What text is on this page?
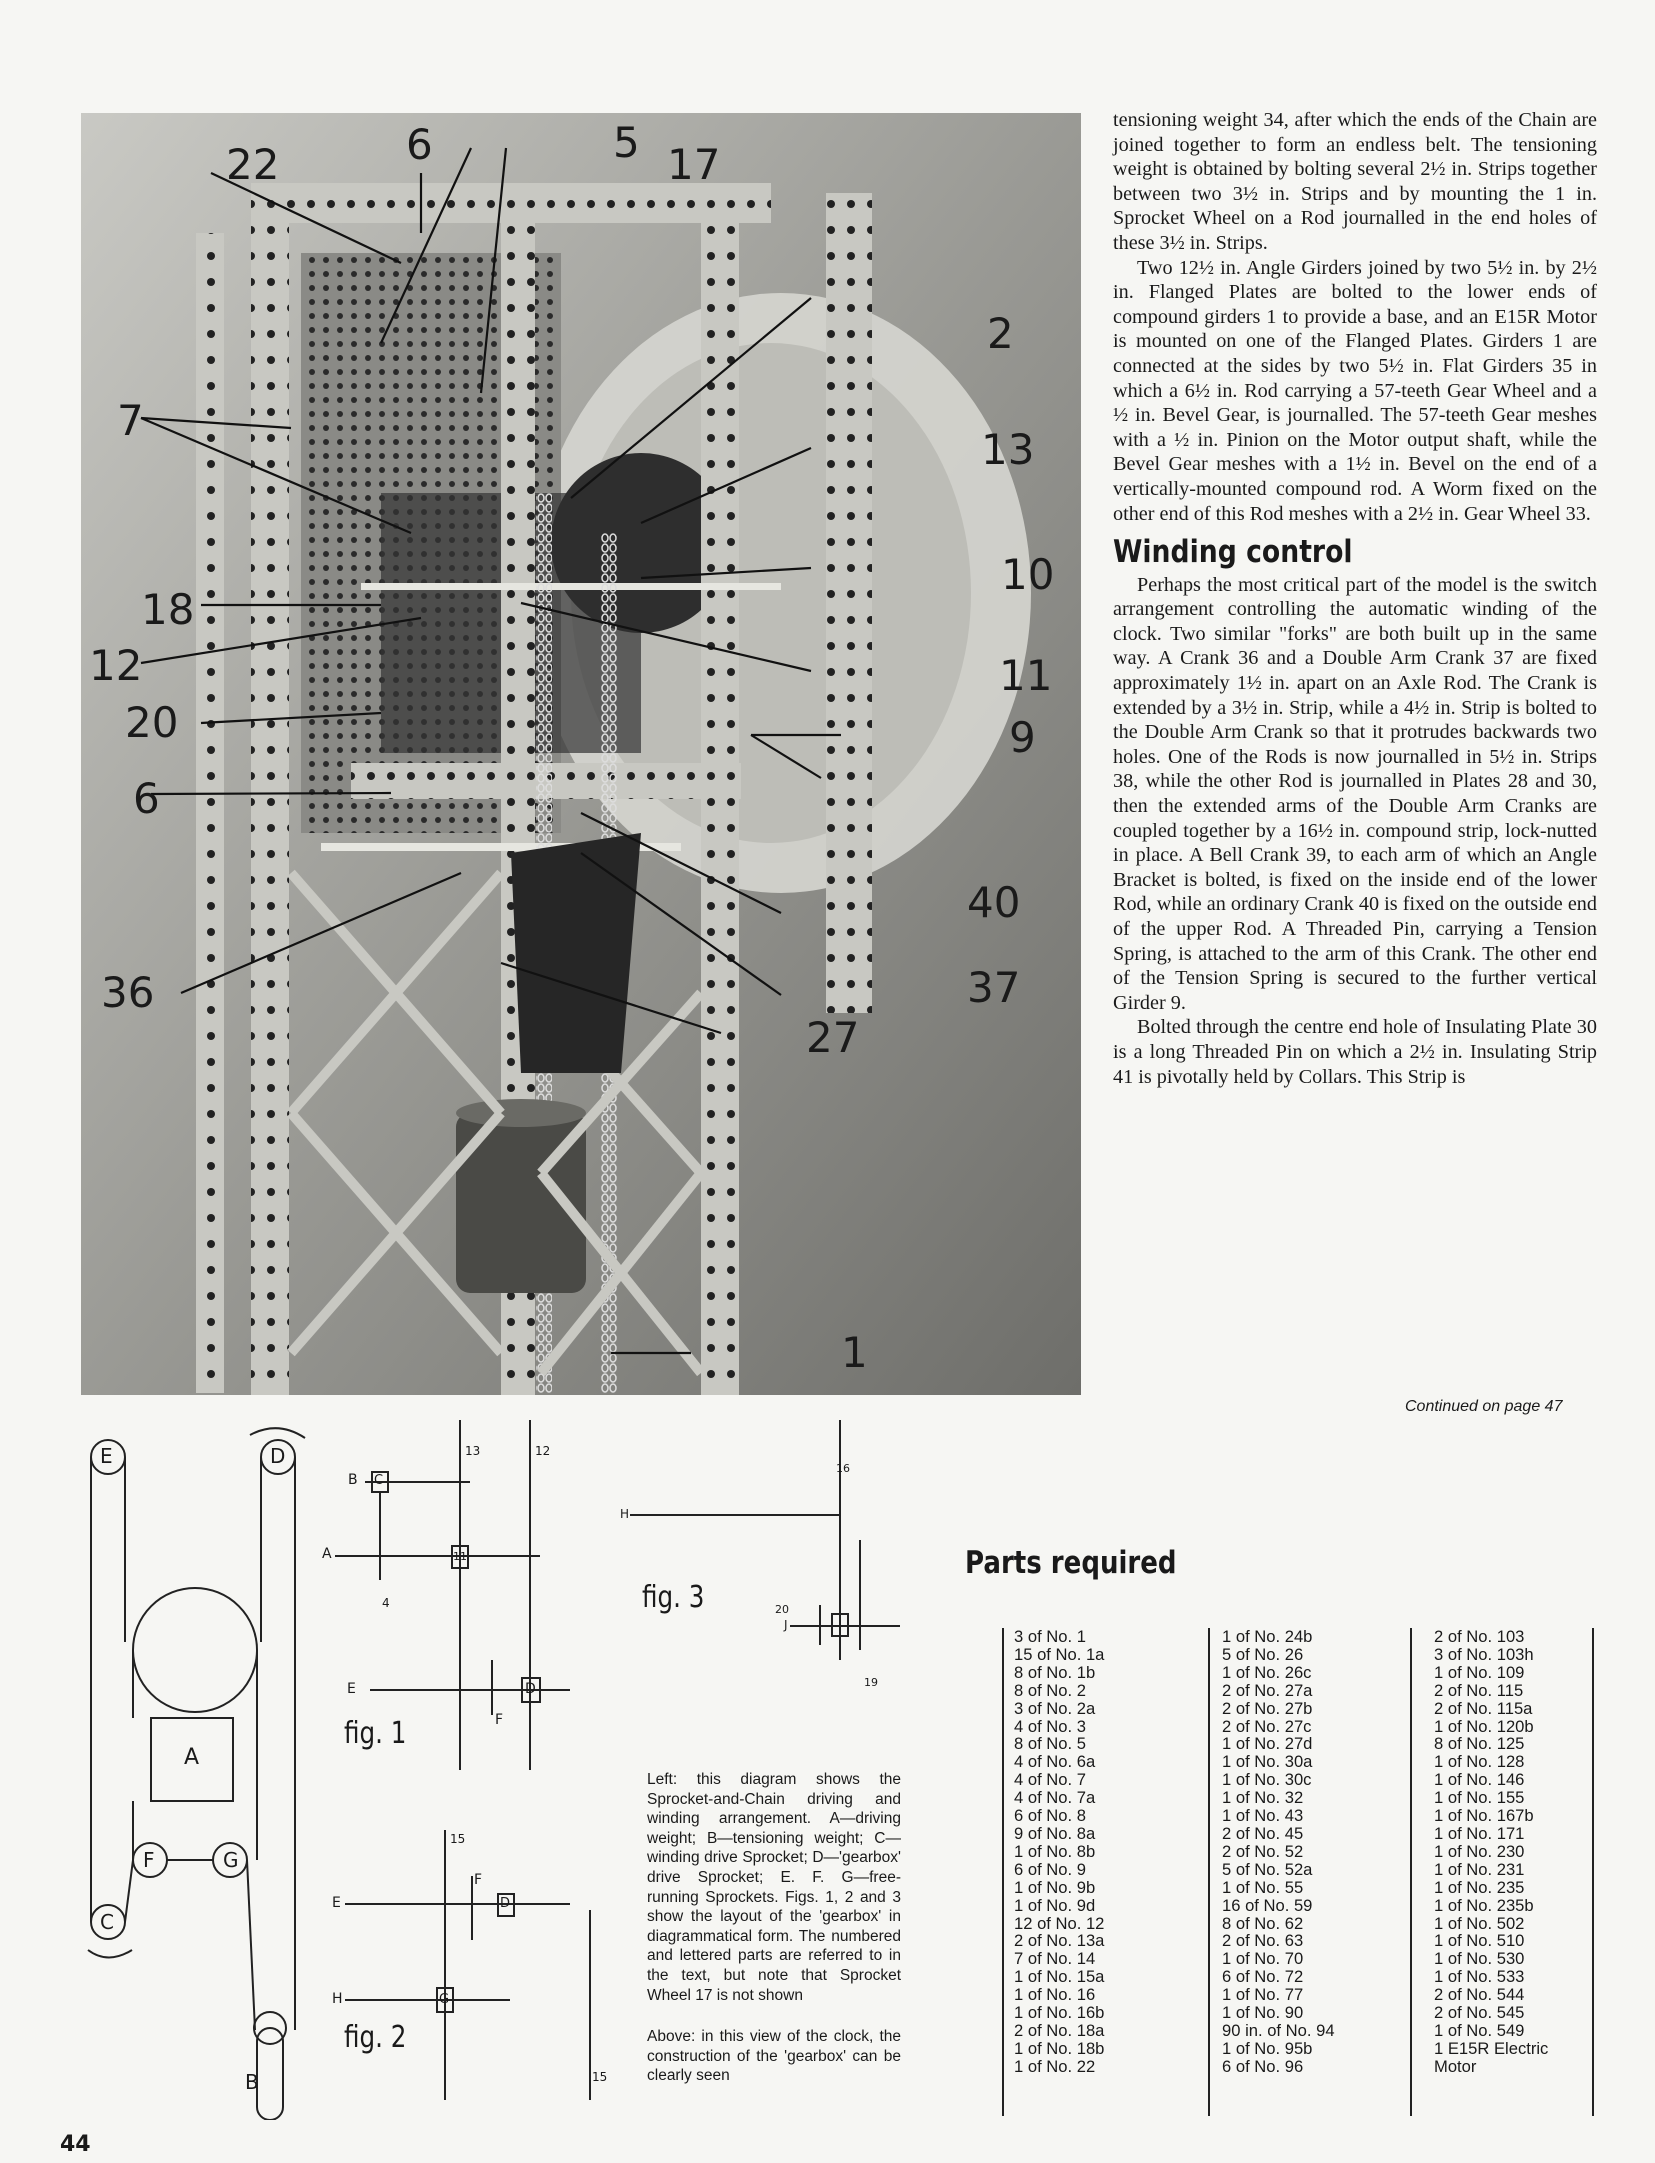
22	6	5 17
2
7
13
10
18
12	11
20	9
6
40
36	37
27
1

tensioning weight 34, after which the ends of the Chain are joined together to form an endless belt. The tensioning weight is obtained by bolting several 2½ in. Strips together between two 3½ in. Strips and by mounting the 1 in. Sprocket Wheel on a Rod journalled in the end holes of these 3½ in. Strips.

Two 12½ in. Angle Girders joined by two 5½ in. by 2½ in. Flanged Plates are bolted to the lower ends of compound girders 1 to provide a base, and an E15R Motor is mounted on one of the Flanged Plates. Girders 1 are connected at the sides by two 5½ in. Flat Girders 35 in which a 6½ in. Rod carrying a 57-teeth Gear Wheel and a ½ in. Bevel Gear, is journalled. The 57-teeth Gear meshes with a ½ in. Pinion on the Motor output shaft, while the Bevel Gear meshes with a 1½ in. Bevel on the end of a vertically-mounted compound rod. A Worm fixed on the other end of this Rod meshes with a 2½ in. Gear Wheel 33.

Winding control

Perhaps the most critical part of the model is the switch arrangement controlling the automatic winding of the clock. Two similar "forks" are both built up in the same way. A Crank 36 and a Double Arm Crank 37 are fixed approximately 1½ in. apart on an Axle Rod. The Crank is extended by a 3½ in. Strip, while a 4½ in. Strip is bolted to the Double Arm Crank so that it protrudes backwards two holes. One of the Rods is now journalled in 5½ in. Strips 38, while the other Rod is journalled in Plates 28 and 30, then the extended arms of the Double Arm Cranks are coupled together by a 16½ in. compound strip, lock-nutted in place. A Bell Crank 39, to each arm of which an Angle Bracket is bolted, is fixed on the inside end of the lower Rod, while an ordinary Crank 40 is fixed on the outside end of the upper Rod. A Threaded Pin, carrying a Tension Spring, is attached to the arm of this Crank. The other end of the Tension Spring is secured to the further vertical Girder 9.

Bolted through the centre end hole of Insulating Plate 30 is a long Threaded Pin on which a 2½ in. Insulating Strip 41 is pivotally held by Collars. This Strip is

Continued on page 47
E	D
A
F	G
C
B
13	12
B C
A	11
4
E	D
F
fig. 1
15
F
E	D
H	G
15
fig. 2
16
H
20
J
19
fig. 3

Left: this diagram shows the Sprocket-and-Chain driving and winding arrangement. A—driving weight; B—tensioning weight; C—winding drive Sprocket; D—'gearbox' drive Sprocket; E. F. G—free-running Sprockets. Figs. 1, 2 and 3 show the layout of the 'gearbox' in diagrammatical form. The numbered and lettered parts are referred to in the text, but note that Sprocket Wheel 17 is not shown

Above: in this view of the clock, the construction of the 'gearbox' can be clearly seen

Parts required
3 of No. 1
15 of No. 1a
8 of No. 1b
8 of No. 2
3 of No. 2a
4 of No. 3
8 of No. 5
4 of No. 6a
4 of No. 7
4 of No. 7a
6 of No. 8
9 of No. 8a
1 of No. 8b
6 of No. 9
1 of No. 9b
1 of No. 9d
12 of No. 12
2 of No. 13a
7 of No. 14
1 of No. 15a
1 of No. 16
1 of No. 16b
2 of No. 18a
1 of No. 18b
1 of No. 22
1 of No. 24b
5 of No. 26
1 of No. 26c
2 of No. 27a
2 of No. 27b
2 of No. 27c
1 of No. 27d
1 of No. 30a
1 of No. 30c
1 of No. 32
1 of No. 43
2 of No. 45
2 of No. 52
5 of No. 52a
1 of No. 55
16 of No. 59
8 of No. 62
2 of No. 63
1 of No. 70
6 of No. 72
1 of No. 77
1 of No. 90
90 in. of No. 94
1 of No. 95b
6 of No. 96
2 of No. 103
3 of No. 103h
1 of No. 109
2 of No. 115
2 of No. 115a
1 of No. 120b
8 of No. 125
1 of No. 128
1 of No. 146
1 of No. 155
1 of No. 167b
1 of No. 171
1 of No. 230
1 of No. 231
1 of No. 235
1 of No. 235b
1 of No. 502
1 of No. 510
1 of No. 530
1 of No. 533
2 of No. 544
2 of No. 545
1 of No. 549
1 E15R Electric
Motor
44
